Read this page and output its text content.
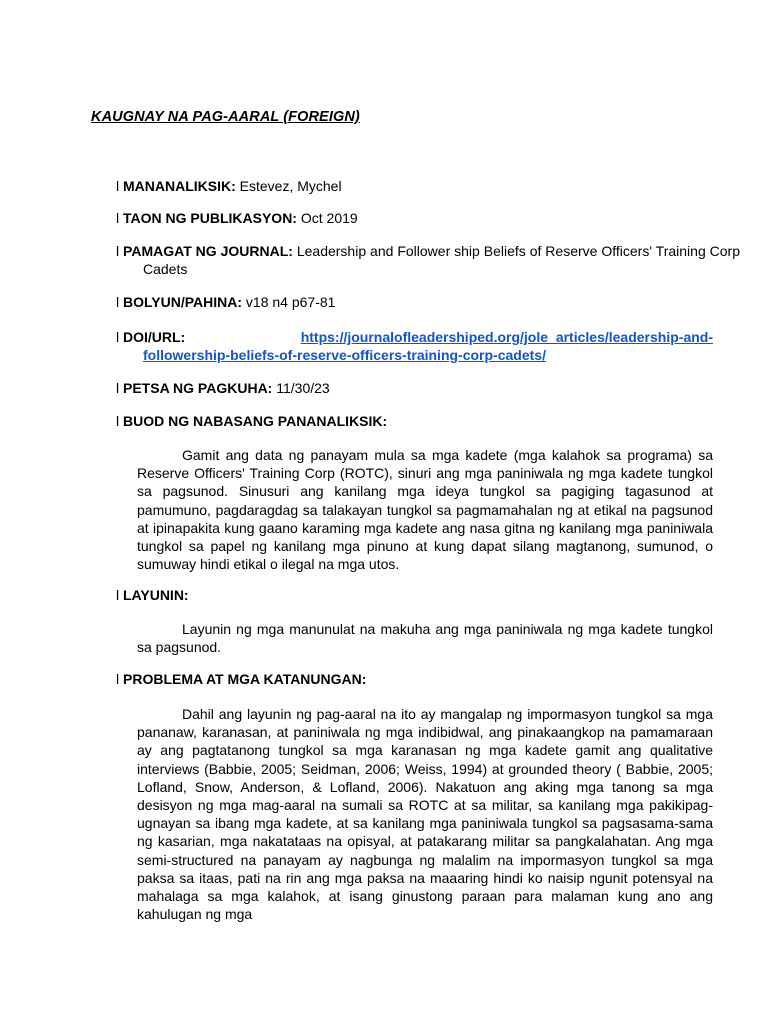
KAUGNAY NA PAG-AARAL (FOREIGN)
l MANANALIKSIK: Estevez, Mychel
l TAON NG PUBLIKASYON: Oct 2019
l PAMAGAT NG JOURNAL: Leadership and Follower ship Beliefs of Reserve Officers' Training Corp Cadets
l BOLYUN/PAHINA: v18 n4 p67-81
l DOI/URL:	https://journalofleadershiped.org/jole_articles/leadership-and-
followership-beliefs-of-reserve-officers-training-corp-cadets/
l PETSA NG PAGKUHA: 11/30/23
l BUOD NG NABASANG PANANALIKSIK:
Gamit ang data ng panayam mula sa mga kadete (mga kalahok sa programa) sa Reserve Officers' Training Corp (ROTC), sinuri ang mga paniniwala ng mga kadete tungkol sa pagsunod. Sinusuri ang kanilang mga ideya tungkol sa pagiging tagasunod at pamumuno, pagdaragdag sa talakayan tungkol sa pagmamahalan ng at etikal na pagsunod at ipinapakita kung gaano karaming mga kadete ang nasa gitna ng kanilang mga paniniwala tungkol sa papel ng kanilang mga pinuno at kung dapat silang magtanong, sumunod, o sumuway hindi etikal o ilegal na mga utos.
l LAYUNIN:
Layunin ng mga manunulat na makuha ang mga paniniwala ng mga kadete tungkol sa pagsunod.
l PROBLEMA AT MGA KATANUNGAN:
Dahil ang layunin ng pag-aaral na ito ay mangalap ng impormasyon tungkol sa mga pananaw, karanasan, at paniniwala ng mga indibidwal, ang pinakaangkop na pamamaraan ay ang pagtatanong tungkol sa mga karanasan ng mga kadete gamit ang qualitative interviews (Babbie, 2005; Seidman, 2006; Weiss, 1994) at grounded theory ( Babbie, 2005; Lofland, Snow, Anderson, & Lofland, 2006). Nakatuon ang aking mga tanong sa mga desisyon ng mga mag-aaral na sumali sa ROTC at sa militar, sa kanilang mga pakikipag-ugnayan sa ibang mga kadete, at sa kanilang mga paniniwala tungkol sa pagsasama-sama ng kasarian, mga nakatataas na opisyal, at patakarang militar sa pangkalahatan. Ang mga semi-structured na panayam ay nagbunga ng malalim na impormasyon tungkol sa mga paksa sa itaas, pati na rin ang mga paksa na maaaring hindi ko naisip ngunit potensyal na mahalaga sa mga kalahok, at isang ginustong paraan para malaman kung ano ang kahulugan ng mga
